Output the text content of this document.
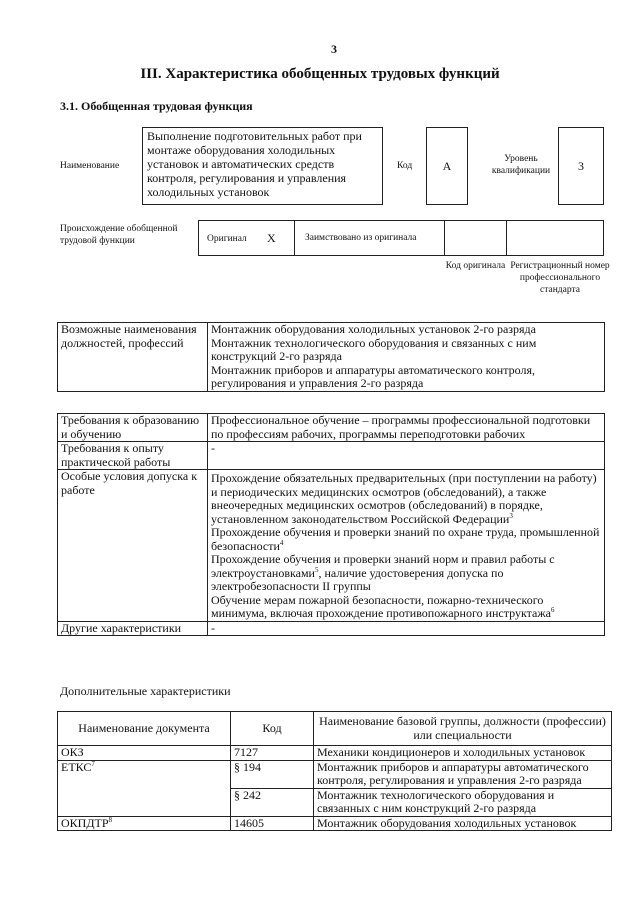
3
III. Характеристика обобщенных трудовых функций
3.1. Обобщенная трудовая функция
Наименование
Выполнение подготовительных работ при монтаже оборудования холодильных установок и автоматических средств контроля, регулирования и управления холодильных установок
Код	A	Уровень квалификации	3
Происхождение обобщенной трудовой функции	Оригинал X	Заимствовано из оригинала
Код оригинала Регистрационный номер профессионального стандарта
Возможные наименования должностей, профессий	
Монтажник оборудования холодильных установок 2-го разряда
Монтажник технологического оборудования и связанных с ним конструкций 2-го разряда
Монтажник приборов и аппаратуры автоматического контроля, регулирования и управления 2-го разряда
Требования к образованию и обучению	Профессиональное обучение – программы профессиональной подготовки по профессиям рабочих, программы переподготовки рабочих
Требования к опыту практической работы	-
Особые условия допуска к работе	Прохождение обязательных предварительных (при поступлении на работу) и периодических медицинских осмотров (обследований), а также внеочередных медицинских осмотров (обследований) в порядке, установленном законодательством Российской Федерации$^3$
Прохождение обучения и проверки знаний по охране труда, промышленной безопасности$^4$
Прохождение обучения и проверки знаний норм и правил работы с электроустановками$^5$, наличие удостоверения допуска по электробезопасности II группы
Обучение мерам пожарной безопасности, пожарно-технического минимума, включая прохождение противопожарного инструктажа$^6$

Другие характеристики	-
Дополнительные характеристики
Наименование документа	Код	Наименование базовой группы, должности (профессии) или специальности
ОКЗ	7127	Механики кондиционеров и холодильных установок
ЕТКС$^7$	§ 194	Монтажник приборов и аппаратуры автоматического контроля, регулирования и управления 2-го разряда
	§ 242	Монтажник технологического оборудования и связанных с ним конструкций 2-го разряда
ОКПДТР$^8$	14605	Монтажник оборудования холодильных установок
